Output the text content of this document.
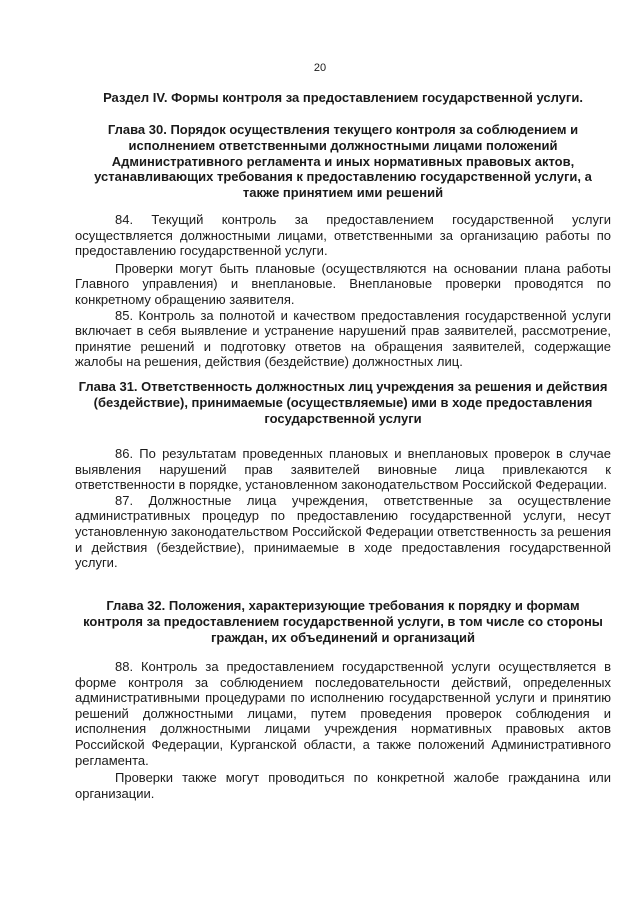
20
Раздел IV. Формы контроля за предоставлением государственной услуги.
Глава 30. Порядок осуществления текущего контроля за соблюдением и исполнением ответственными должностными лицами положений Административного регламента и иных нормативных правовых актов, устанавливающих требования к предоставлению государственной услуги, а также принятием ими решений

84. Текущий контроль за предоставлением государственной услуги осуществляется должностными лицами, ответственными за организацию работы по предоставлению государственной услуги.

Проверки могут быть плановые (осуществляются на основании плана работы Главного управления) и внеплановые. Внеплановые проверки проводятся по конкретному обращению заявителя.

85. Контроль за полнотой и качеством предоставления государственной услуги включает в себя выявление и устранение нарушений прав заявителей, рассмотрение, принятие решений и подготовку ответов на обращения заявителей, содержащие жалобы на решения, действия (бездействие) должностных лиц.

Глава 31. Ответственность должностных лиц учреждения за решения и действия (бездействие), принимаемые (осуществляемые) ими в ходе предоставления государственной услуги

86. По результатам проведенных плановых и внеплановых проверок в случае выявления нарушений прав заявителей виновные лица привлекаются к ответственности в порядке, установленном законодательством Российской Федерации.

87. Должностные лица учреждения, ответственные за осуществление административных процедур по предоставлению государственной услуги, несут установленную законодательством Российской Федерации ответственность за решения и действия (бездействие), принимаемые в ходе предоставления государственной услуги.

Глава 32. Положения, характеризующие требования к порядку и формам контроля за предоставлением государственной услуги, в том числе со стороны граждан, их объединений и организаций

88. Контроль за предоставлением государственной услуги осуществляется в форме контроля за соблюдением последовательности действий, определенных административными процедурами по исполнению государственной услуги и принятию решений должностными лицами, путем проведения проверок соблюдения и исполнения должностными лицами учреждения нормативных правовых актов Российской Федерации, Курганской области, а также положений Административного регламента.

Проверки также могут проводиться по конкретной жалобе гражданина или организации.
